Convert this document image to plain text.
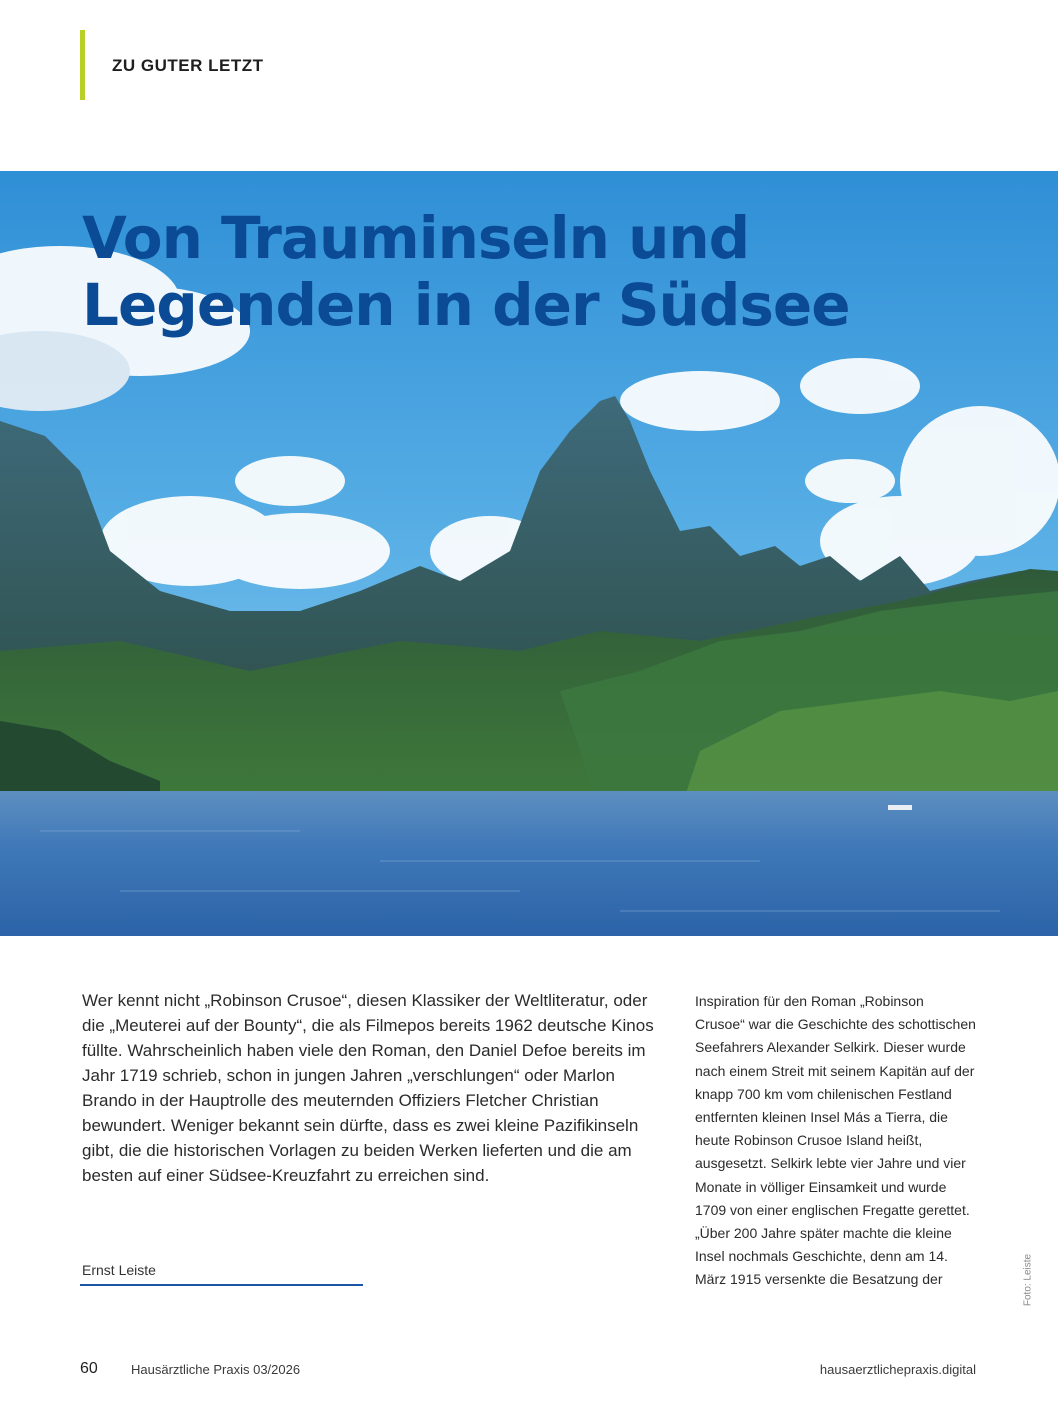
ZU GUTER LETZT
Von Trauminseln und
Legenden in der Südsee

Wer kennt nicht „Robinson Crusoe“, diesen Klassiker der Weltliteratur, oder die „Meuterei auf der Bounty“, die als Filmepos bereits 1962 deutsche Kinos füllte. Wahrscheinlich haben viele den Roman, den Daniel Defoe bereits im Jahr 1719 schrieb, schon in jungen Jahren „verschlungen“ oder Marlon Brando in der Hauptrolle des meuternden Offiziers Fletcher Christian bewundert. Weniger bekannt sein dürfte, dass es zwei kleine Pazifikinseln gibt, die die historischen Vorlagen zu beiden Werken lieferten und die am besten auf einer Südsee-Kreuzfahrt zu erreichen sind.

Ernst Leiste

Inspiration für den Roman „Robinson Crusoe“ war die Geschichte des schottischen Seefahrers Alexander Selkirk. Dieser wurde nach einem Streit mit seinem Kapitän auf der knapp 700 km vom chilenischen Festland entfernten kleinen Insel Más a Tierra, die heute Robinson Crusoe Island heißt, ausgesetzt. Selkirk lebte vier Jahre und vier Monate in völliger Einsamkeit und wurde 1709 von einer englischen Fregatte gerettet.

„Über 200 Jahre später machte die kleine Insel nochmals Geschichte, denn am 14. März 1915 versenkte die Besatzung der	Foto: Leiste
60	Hausärztliche Praxis 03/2026	hausaerztlichepraxis.digital
